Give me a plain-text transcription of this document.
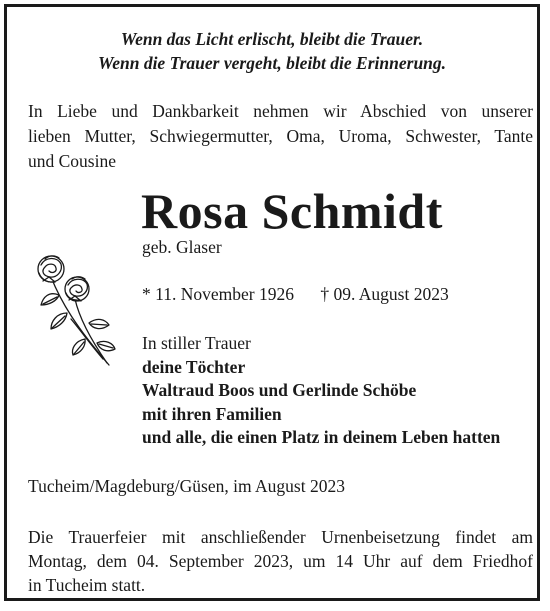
Wenn das Licht erlischt, bleibt die Trauer.
Wenn die Trauer vergeht, bleibt die Erinnerung.
In Liebe und Dankbarkeit nehmen wir Abschied von unserer
lieben Mutter, Schwiegermutter, Oma, Uroma, Schwester, Tante
und Cousine
Rosa Schmidt
geb. Glaser
* 11. November 1926 † 09. August 2023
In stiller Trauer
deine Töchter
Waltraud Boos und Gerlinde Schöbe
mit ihren Familien
und alle, die einen Platz in deinem Leben hatten
Tucheim/Magdeburg/Güsen, im August 2023
Die Trauerfeier mit anschließender Urnenbeisetzung findet am
Montag, dem 04. September 2023, um 14 Uhr auf dem Friedhof
in Tucheim statt.
